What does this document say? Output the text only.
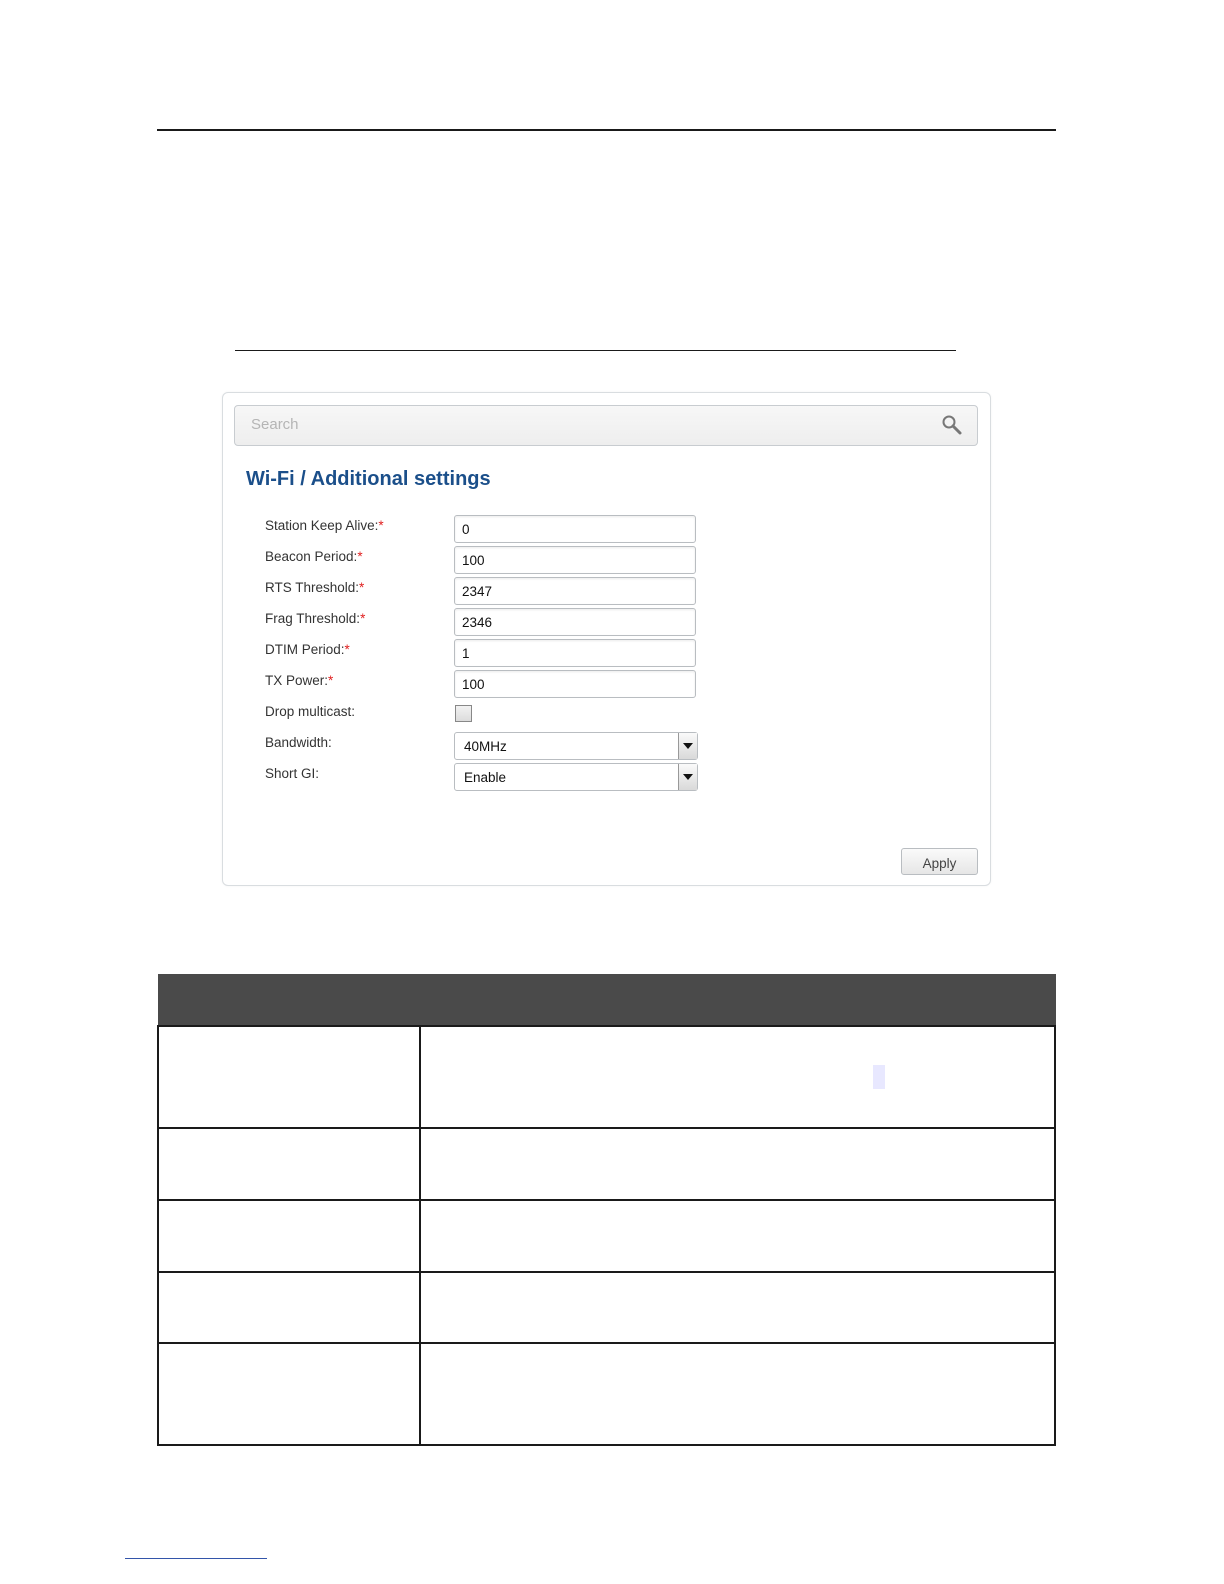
Search
Wi-Fi / Additional settings
Station Keep Alive:*	0
Beacon Period:*	100
RTS Threshold:*	2347
Frag Threshold:*	2346
DTIM Period:*	1
TX Power:*	100
Drop multicast:
Bandwidth:	40MHz
Short GI:	Enable
Apply
